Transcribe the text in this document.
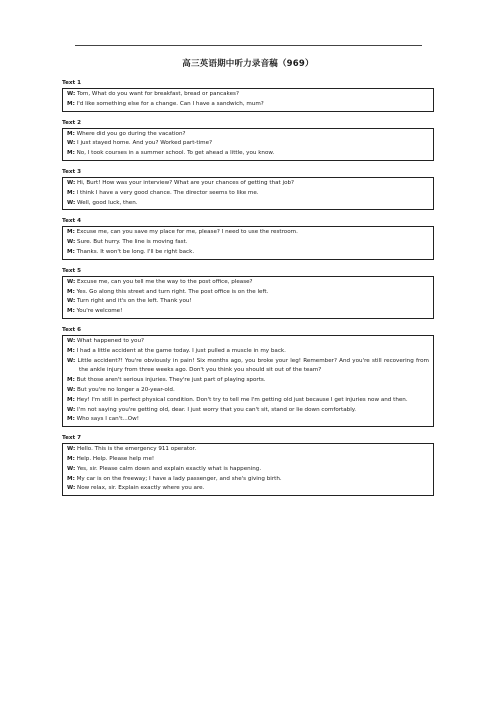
高三英语期中听力录音稿（969）
Text 1
W: Tom, What do you want for breakfast, bread or pancakes?
M: I'd like something else for a change. Can I have a sandwich, mum?
Text 2
M: Where did you go during the vacation?
W: I just stayed home. And you? Worked part-time?
M: No, I took courses in a summer school. To get ahead a little, you know.
Text 3
W: Hi, Burt! How was your interview? What are your chances of getting that job?
M: I think I have a very good chance. The director seems to like me.
W: Well, good luck, then.
Text 4
M: Excuse me, can you save my place for me, please? I need to use the restroom.
W: Sure. But hurry. The line is moving fast.
M: Thanks. It won't be long. I'll be right back.
Text 5
W: Excuse me, can you tell me the way to the post office, please?
M: Yes. Go along this street and turn right. The post office is on the left.
W: Turn right and it's on the left. Thank you!
M: You're welcome!
Text 6
W: What happened to you?
M: I had a little accident at the game today. I just pulled a muscle in my back.
W: Little accident?! You're obviously in pain! Six months ago, you broke your leg! Remember? And you're still recovering from the ankle injury from three weeks ago. Don't you think you should sit out of the team?
M: But those aren't serious injuries. They're just part of playing sports.
W: But you're no longer a 20-year-old.
M: Hey! I'm still in perfect physical condition. Don't try to tell me I'm getting old just because I get injuries now and then.
W: I'm not saying you're getting old, dear. I just worry that you can't sit, stand or lie down comfortably.
M: Who says I can't...Ow!
Text 7
W: Hello. This is the emergency 911 operator.
M: Help. Help. Please help me!
W: Yes, sir. Please calm down and explain exactly what is happening.
M: My car is on the freeway; I have a lady passenger, and she's giving birth.
W: Now relax, sir. Explain exactly where you are.
